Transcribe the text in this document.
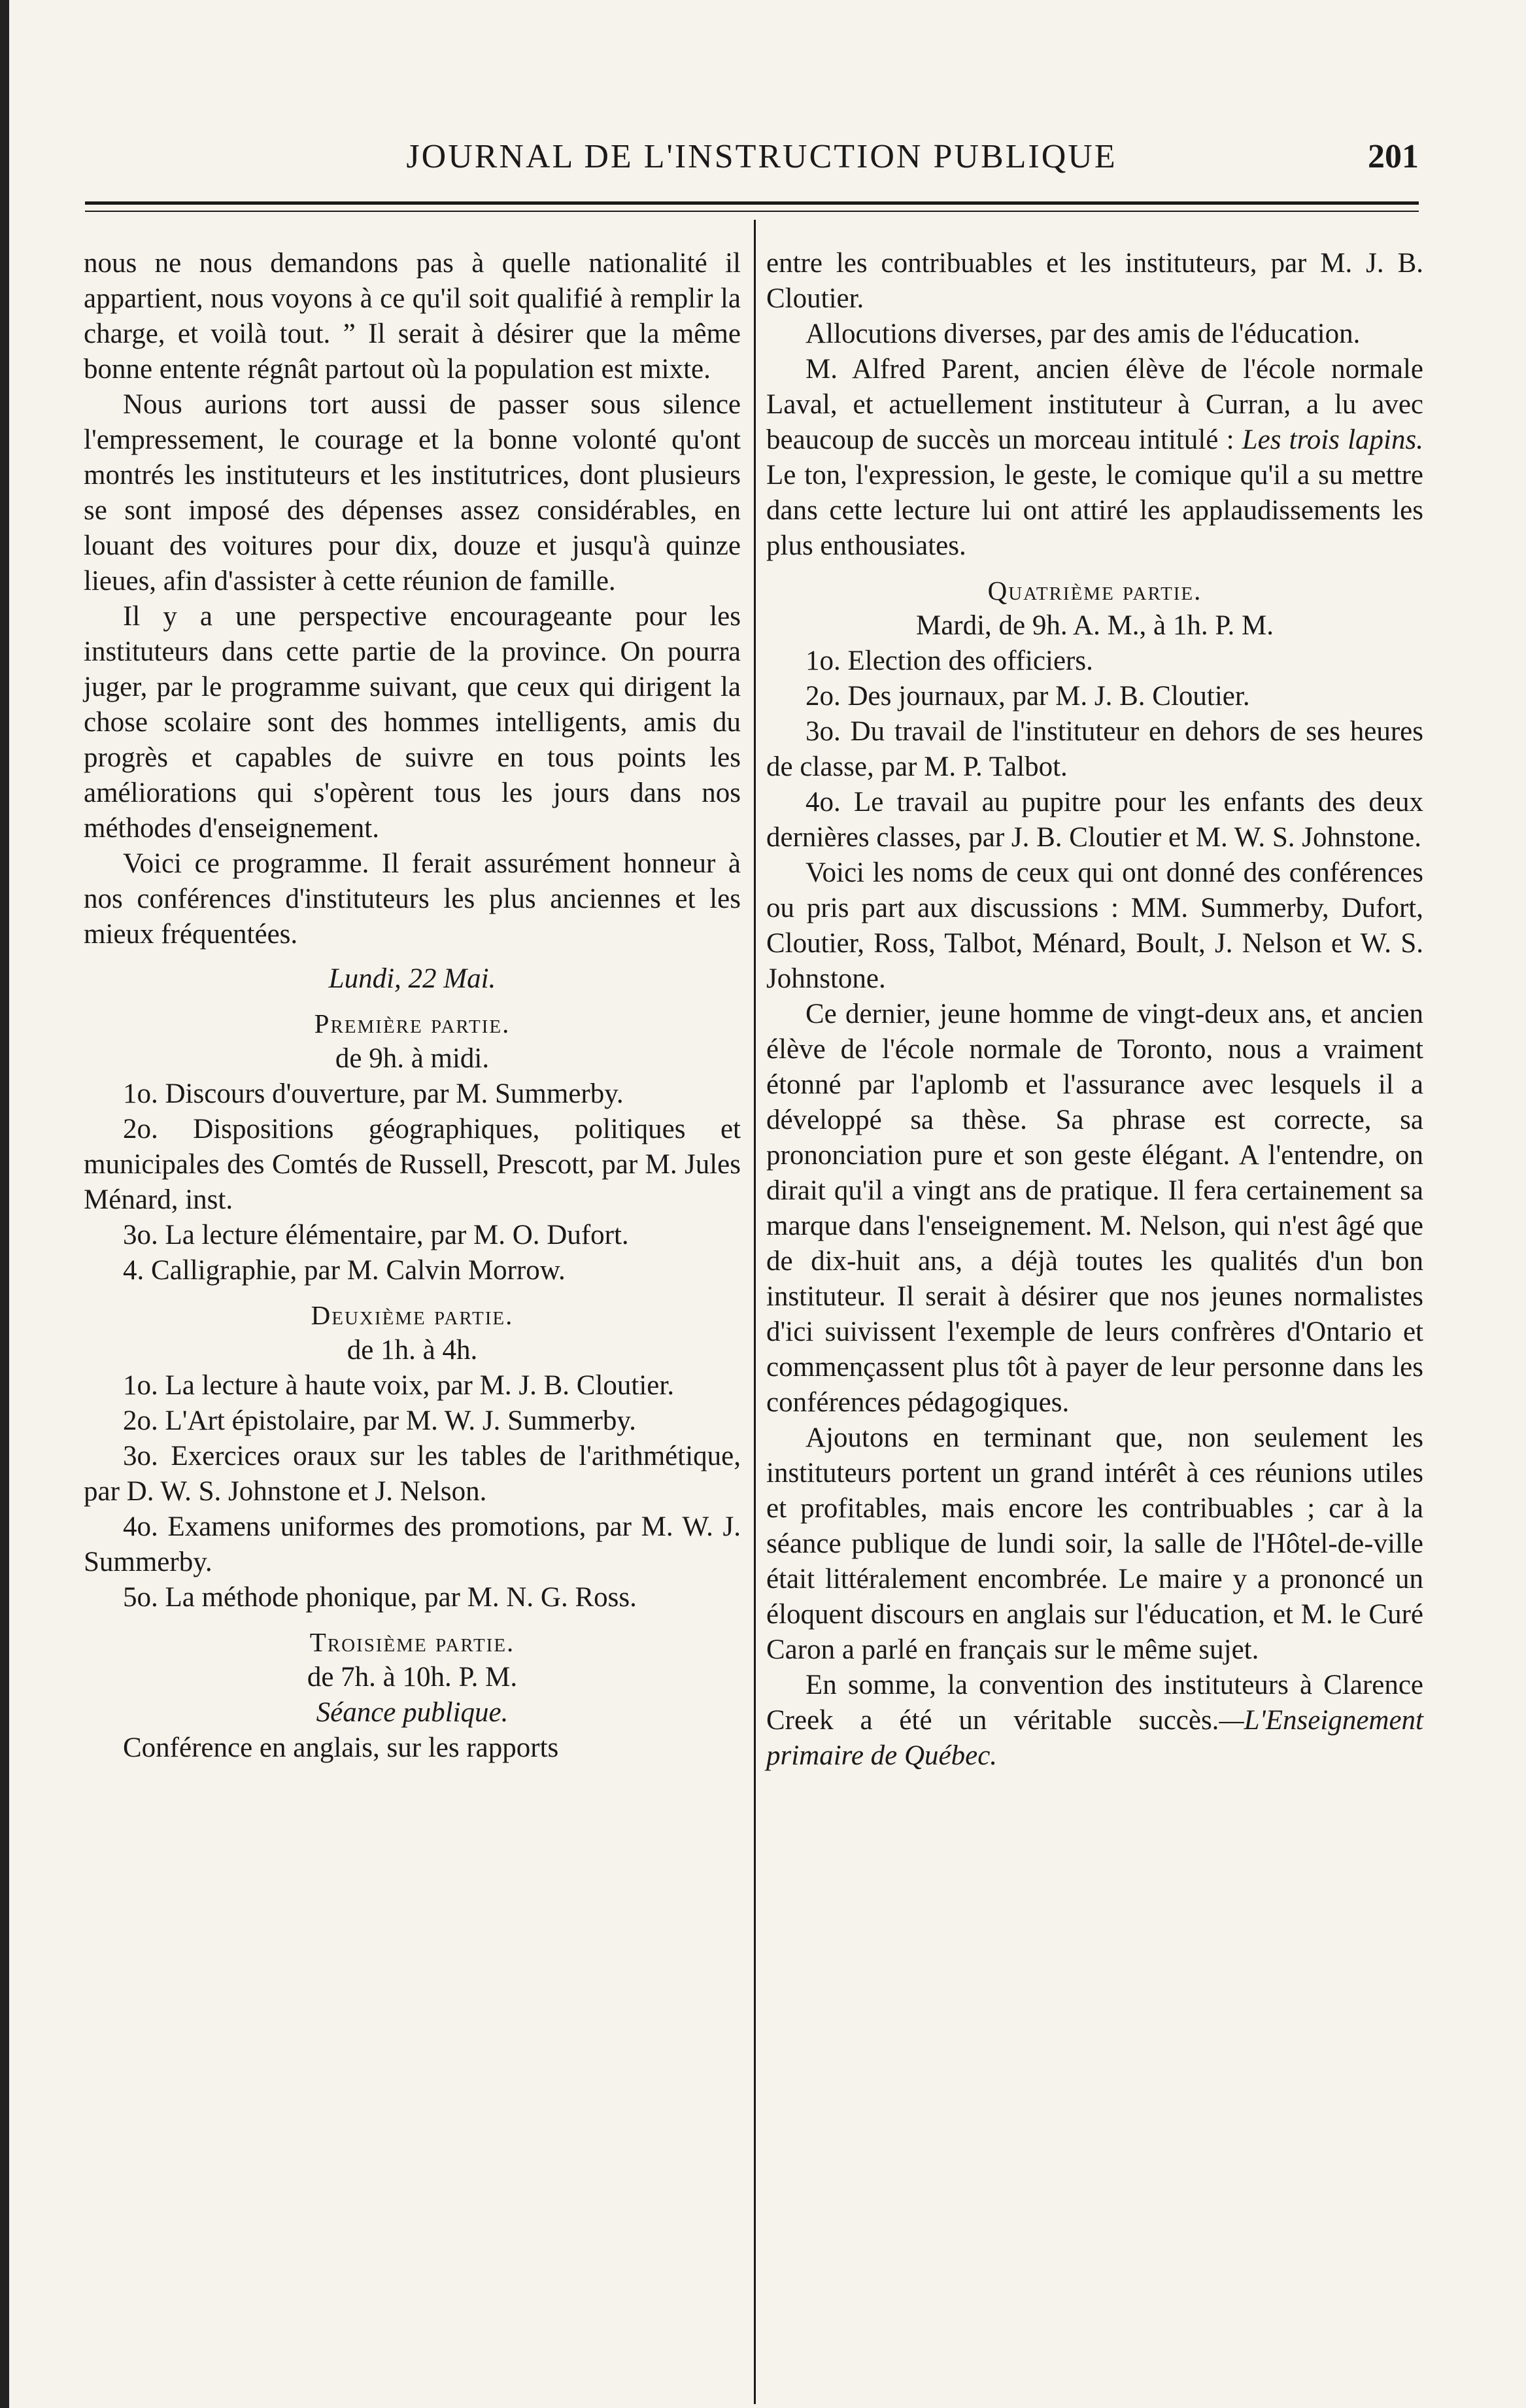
JOURNAL DE L'INSTRUCTION PUBLIQUE	201

nous ne nous demandons pas à quelle nationalité il appartient, nous voyons à ce qu'il soit qualifié à remplir la charge, et voilà tout. ” Il serait à désirer que la même bonne entente régnât partout où la population est mixte.

Nous aurions tort aussi de passer sous silence l'empressement, le courage et la bonne volonté qu'ont montrés les instituteurs et les institutrices, dont plusieurs se sont imposé des dépenses assez considérables, en louant des voitures pour dix, douze et jusqu'à quinze lieues, afin d'assister à cette réunion de famille.

Il y a une perspective encourageante pour les instituteurs dans cette partie de la province. On pourra juger, par le programme suivant, que ceux qui dirigent la chose scolaire sont des hommes intelligents, amis du progrès et capables de suivre en tous points les améliorations qui s'opèrent tous les jours dans nos méthodes d'enseignement.

Voici ce programme. Il ferait assurément honneur à nos conférences d'instituteurs les plus anciennes et les mieux fréquentées.

Lundi, 22 Mai.

Première partie.

de 9h. à midi.

1o. Discours d'ouverture, par M. Summerby.

2o. Dispositions géographiques, politiques et municipales des Comtés de Russell, Prescott, par M. Jules Ménard, inst.

3o. La lecture élémentaire, par M. O. Dufort.

4. Calligraphie, par M. Calvin Morrow.

Deuxième partie.

de 1h. à 4h.

1o. La lecture à haute voix, par M. J. B. Cloutier.

2o. L'Art épistolaire, par M. W. J. Summerby.

3o. Exercices oraux sur les tables de l'arithmétique, par D. W. S. Johnstone et J. Nelson.

4o. Examens uniformes des promotions, par M. W. J. Summerby.

5o. La méthode phonique, par M. N. G. Ross.

Troisième partie.

de 7h. à 10h. P. M.

Séance publique.

Conférence en anglais, sur les rapports

entre les contribuables et les instituteurs, par M. J. B. Cloutier.

Allocutions diverses, par des amis de l'éducation.

M. Alfred Parent, ancien élève de l'école normale Laval, et actuellement instituteur à Curran, a lu avec beaucoup de succès un morceau intitulé : Les trois lapins. Le ton, l'expression, le geste, le comique qu'il a su mettre dans cette lecture lui ont attiré les applaudissements les plus enthousiates.

Quatrième partie.

Mardi, de 9h. A. M., à 1h. P. M.

1o. Election des officiers.

2o. Des journaux, par M. J. B. Cloutier.

3o. Du travail de l'instituteur en dehors de ses heures de classe, par M. P. Talbot.

4o. Le travail au pupitre pour les enfants des deux dernières classes, par J. B. Cloutier et M. W. S. Johnstone.

Voici les noms de ceux qui ont donné des conférences ou pris part aux discussions : MM. Summerby, Dufort, Cloutier, Ross, Talbot, Ménard, Boult, J. Nelson et W. S. Johnstone.

Ce dernier, jeune homme de vingt-deux ans, et ancien élève de l'école normale de Toronto, nous a vraiment étonné par l'aplomb et l'assurance avec lesquels il a développé sa thèse. Sa phrase est correcte, sa prononciation pure et son geste élégant. A l'entendre, on dirait qu'il a vingt ans de pratique. Il fera certainement sa marque dans l'enseignement. M. Nelson, qui n'est âgé que de dix-huit ans, a déjà toutes les qualités d'un bon instituteur. Il serait à désirer que nos jeunes normalistes d'ici suivissent l'exemple de leurs confrères d'Ontario et commençassent plus tôt à payer de leur personne dans les conférences pédagogiques.

Ajoutons en terminant que, non seulement les instituteurs portent un grand intérêt à ces réunions utiles et profitables, mais encore les contribuables ; car à la séance publique de lundi soir, la salle de l'Hôtel-de-ville était littéralement encombrée. Le maire y a prononcé un éloquent discours en anglais sur l'éducation, et M. le Curé Caron a parlé en français sur le même sujet.

En somme, la convention des instituteurs à Clarence Creek a été un véritable succès.—L'Enseignement primaire de Québec.
